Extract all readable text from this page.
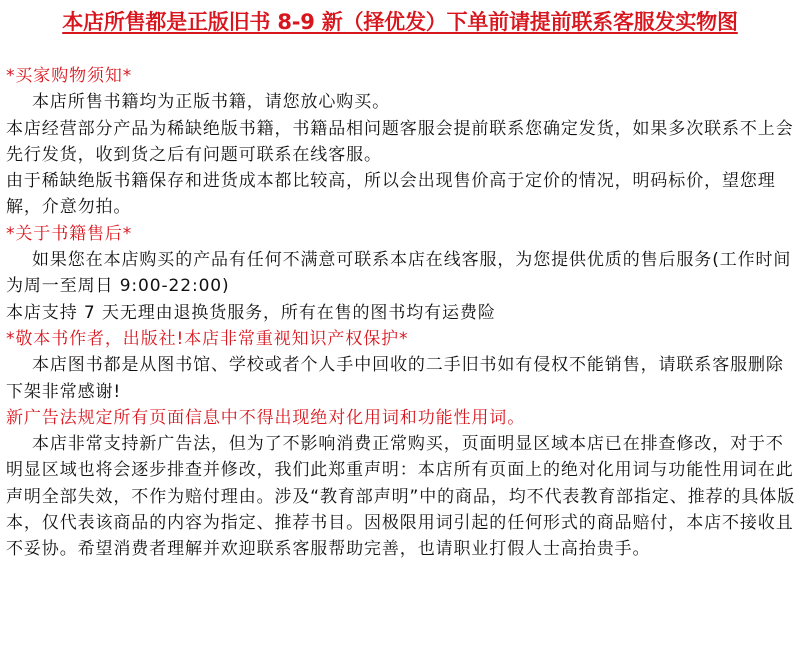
本店所售都是正版旧书 8-9 新（择优发）下单前请提前联系客服发实物图

*买家购物须知*

本店所售书籍均为正版书籍，请您放心购买。

本店经营部分产品为稀缺绝版书籍，书籍品相问题客服会提前联系您确定发货，如果多次联系不上会先行发货，收到货之后有问题可联系在线客服。

由于稀缺绝版书籍保存和进货成本都比较高，所以会出现售价高于定价的情况，明码标价，望您理解，介意勿拍。

*关于书籍售后*

如果您在本店购买的产品有任何不满意可联系本店在线客服，为您提供优质的售后服务(工作时间为周一至周日 9:00-22:00)

本店支持 7 天无理由退换货服务，所有在售的图书均有运费险

*敬本书作者，出版社!本店非常重视知识产权保护*

本店图书都是从图书馆、学校或者个人手中回收的二手旧书如有侵权不能销售，请联系客服删除下架非常感谢!

新广告法规定所有页面信息中不得出现绝对化用词和功能性用词。

本店非常支持新广告法，但为了不影响消费正常购买，页面明显区域本店已在排查修改，对于不明显区域也将会逐步排查并修改，我们此郑重声明：本店所有页面上的绝对化用词与功能性用词在此声明全部失效，不作为赔付理由。涉及“教育部声明”中的商品，均不代表教育部指定、推荐的具体版本，仅代表该商品的内容为指定、推荐书目。因极限用词引起的任何形式的商品赔付，本店不接收且不妥协。希望消费者理解并欢迎联系客服帮助完善，也请职业打假人士高抬贵手。
